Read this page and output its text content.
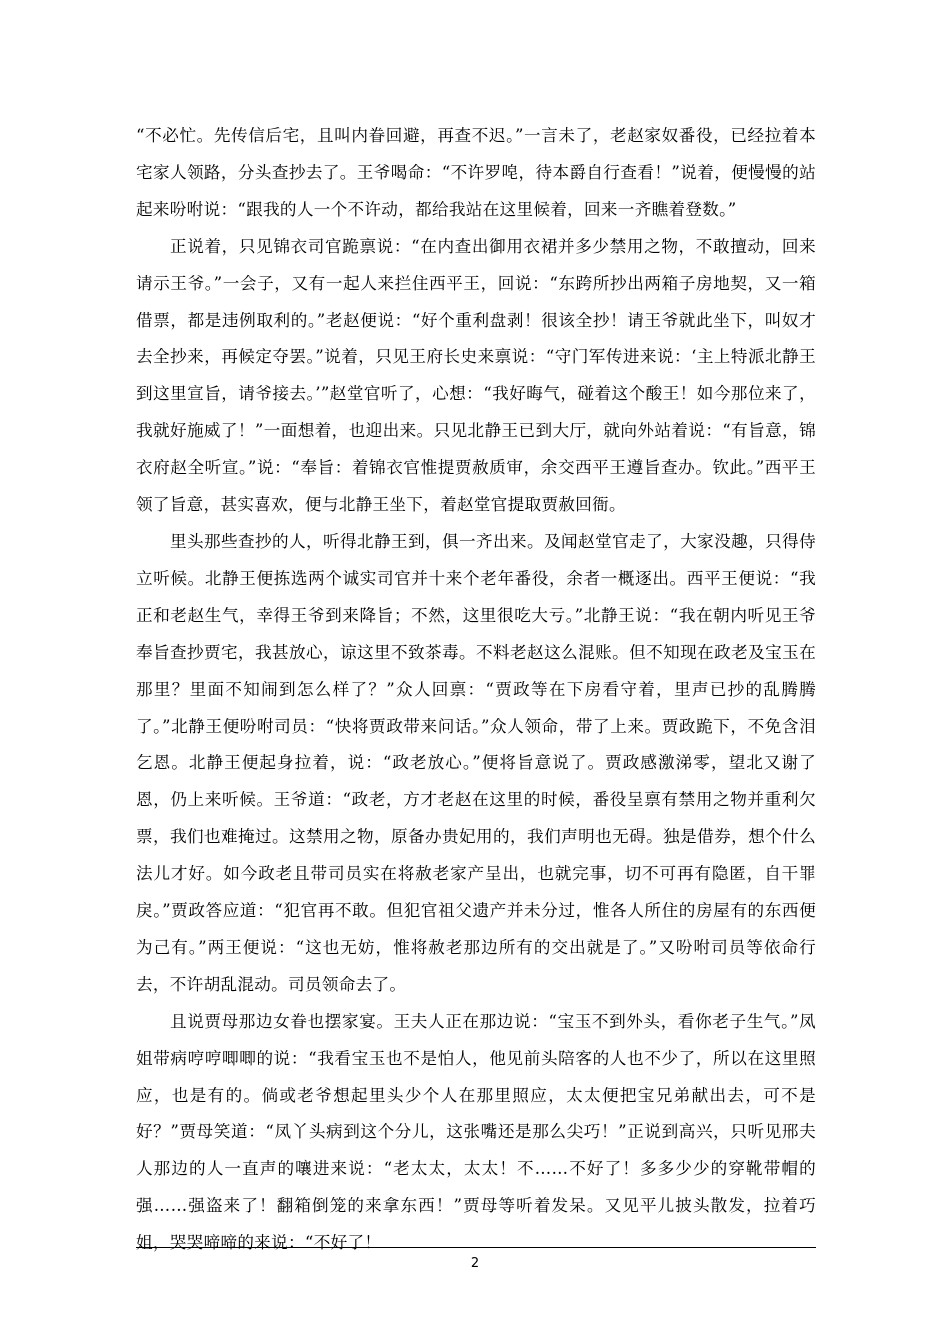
“不必忙。先传信后宅，且叫内眷回避，再查不迟。”一言未了，老赵家奴番役，已经拉着本宅家人领路，分头查抄去了。王爷喝命：“不许罗唣，待本爵自行查看！”说着，便慢慢的站起来吩咐说：“跟我的人一个不许动，都给我站在这里候着，回来一齐瞧着登数。”

正说着，只见锦衣司官跪禀说：“在内查出御用衣裙并多少禁用之物，不敢擅动，回来请示王爷。”一会子，又有一起人来拦住西平王，回说：“东跨所抄出两箱子房地契，又一箱借票，都是违例取利的。”老赵便说：“好个重利盘剥！很该全抄！请王爷就此坐下，叫奴才去全抄来，再候定夺罢。”说着，只见王府长史来禀说：“守门军传进来说：‘主上特派北静王到这里宣旨，请爷接去。’”赵堂官听了，心想：“我好晦气，碰着这个酸王！如今那位来了，我就好施威了！”一面想着，也迎出来。只见北静王已到大厅，就向外站着说：“有旨意，锦衣府赵全听宣。”说：“奉旨：着锦衣官惟提贾赦质审，余交西平王遵旨查办。钦此。”西平王领了旨意，甚实喜欢，便与北静王坐下，着赵堂官提取贾赦回衙。

里头那些查抄的人，听得北静王到，俱一齐出来。及闻赵堂官走了，大家没趣，只得侍立听候。北静王便拣选两个诚实司官并十来个老年番役，余者一概逐出。西平王便说：“我正和老赵生气，幸得王爷到来降旨；不然，这里很吃大亏。”北静王说：“我在朝内听见王爷奉旨查抄贾宅，我甚放心，谅这里不致茶毒。不料老赵这么混账。但不知现在政老及宝玉在那里？里面不知闹到怎么样了？”众人回禀：“贾政等在下房看守着，里声已抄的乱腾腾了。”北静王便吩咐司员：“快将贾政带来问话。”众人领命，带了上来。贾政跪下，不免含泪乞恩。北静王便起身拉着，说：“政老放心。”便将旨意说了。贾政感激涕零，望北又谢了恩，仍上来听候。王爷道：“政老，方才老赵在这里的时候，番役呈禀有禁用之物并重利欠票，我们也难掩过。这禁用之物，原备办贵妃用的，我们声明也无碍。独是借券，想个什么法儿才好。如今政老且带司员实在将赦老家产呈出，也就完事，切不可再有隐匿，自干罪戾。”贾政答应道：“犯官再不敢。但犯官祖父遗产并未分过，惟各人所住的房屋有的东西便为己有。”两王便说：“这也无妨，惟将赦老那边所有的交出就是了。”又吩咐司员等依命行去，不许胡乱混动。司员领命去了。

且说贾母那边女眷也摆家宴。王夫人正在那边说：“宝玉不到外头，看你老子生气。”凤姐带病哼哼唧唧的说：“我看宝玉也不是怕人，他见前头陪客的人也不少了，所以在这里照应，也是有的。倘或老爷想起里头少个人在那里照应，太太便把宝兄弟献出去，可不是好？”贾母笑道：“凤丫头病到这个分儿，这张嘴还是那么尖巧！”正说到高兴，只听见邢夫人那边的人一直声的嚷进来说：“老太太，太太！不……不好了！多多少少的穿靴带帽的强……强盗来了！翻箱倒笼的来拿东西！”贾母等听着发呆。又见平儿披头散发，拉着巧姐，哭哭啼啼的来说：“不好了！

2
